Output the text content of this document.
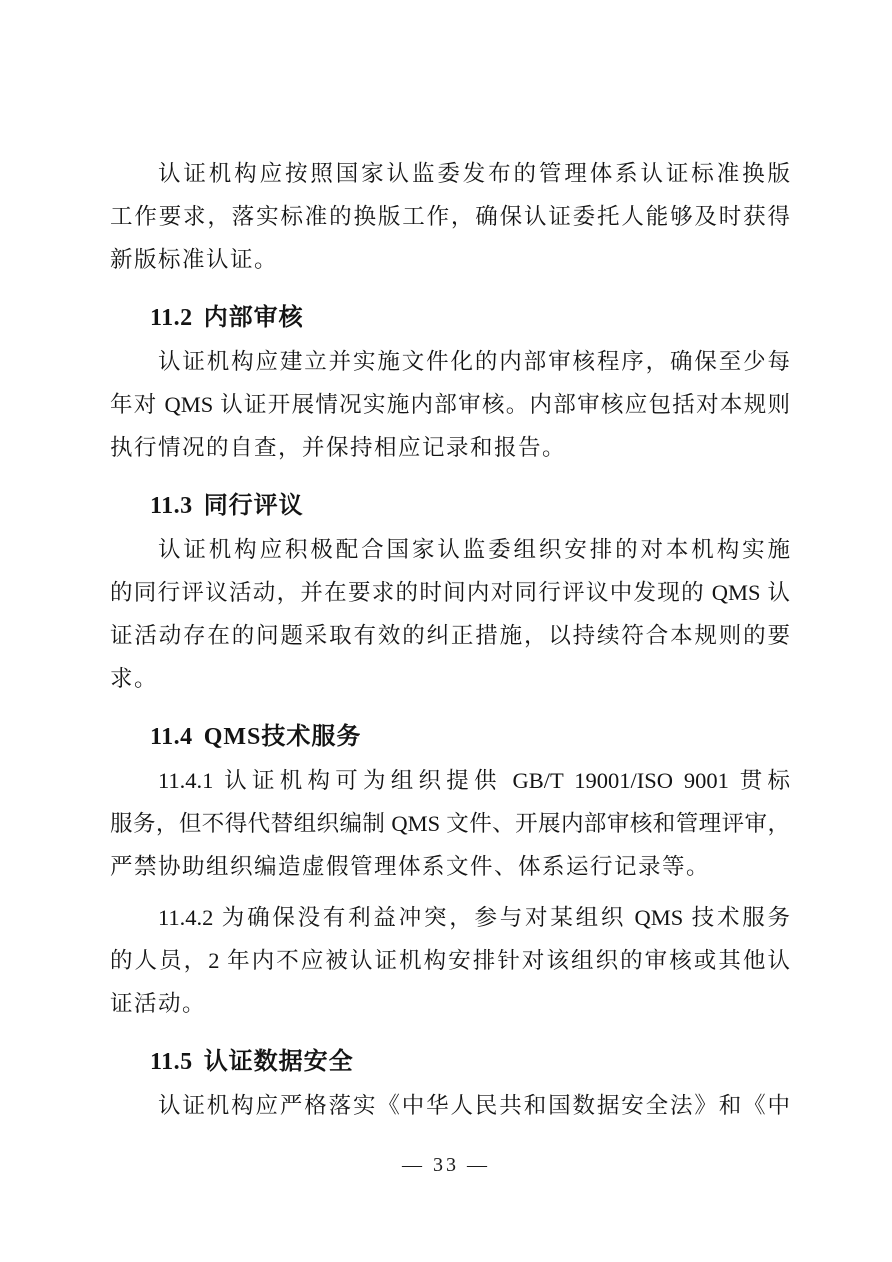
认证机构应按照国家认监委发布的管理体系认证标准换版
工作要求，落实标准的换版工作，确保认证委托人能够及时获得
新版标准认证。
11.2 内部审核
认证机构应建立并实施文件化的内部审核程序，确保至少每
年对 QMS 认证开展情况实施内部审核。内部审核应包括对本规则
执行情况的自查，并保持相应记录和报告。
11.3 同行评议
认证机构应积极配合国家认监委组织安排的对本机构实施
的同行评议活动，并在要求的时间内对同行评议中发现的 QMS 认
证活动存在的问题采取有效的纠正措施，以持续符合本规则的要
求。
11.4 QMS技术服务
11.4.1 认证机构可为组织提供 GB/T 19001/ISO 9001 贯标
服务，但不得代替组织编制 QMS 文件、开展内部审核和管理评审，
严禁协助组织编造虚假管理体系文件、体系运行记录等。
11.4.2 为确保没有利益冲突，参与对某组织 QMS 技术服务
的人员，2 年内不应被认证机构安排针对该组织的审核或其他认
证活动。
11.5 认证数据安全
认证机构应严格落实《中华人民共和国数据安全法》和《中
— 33 —
